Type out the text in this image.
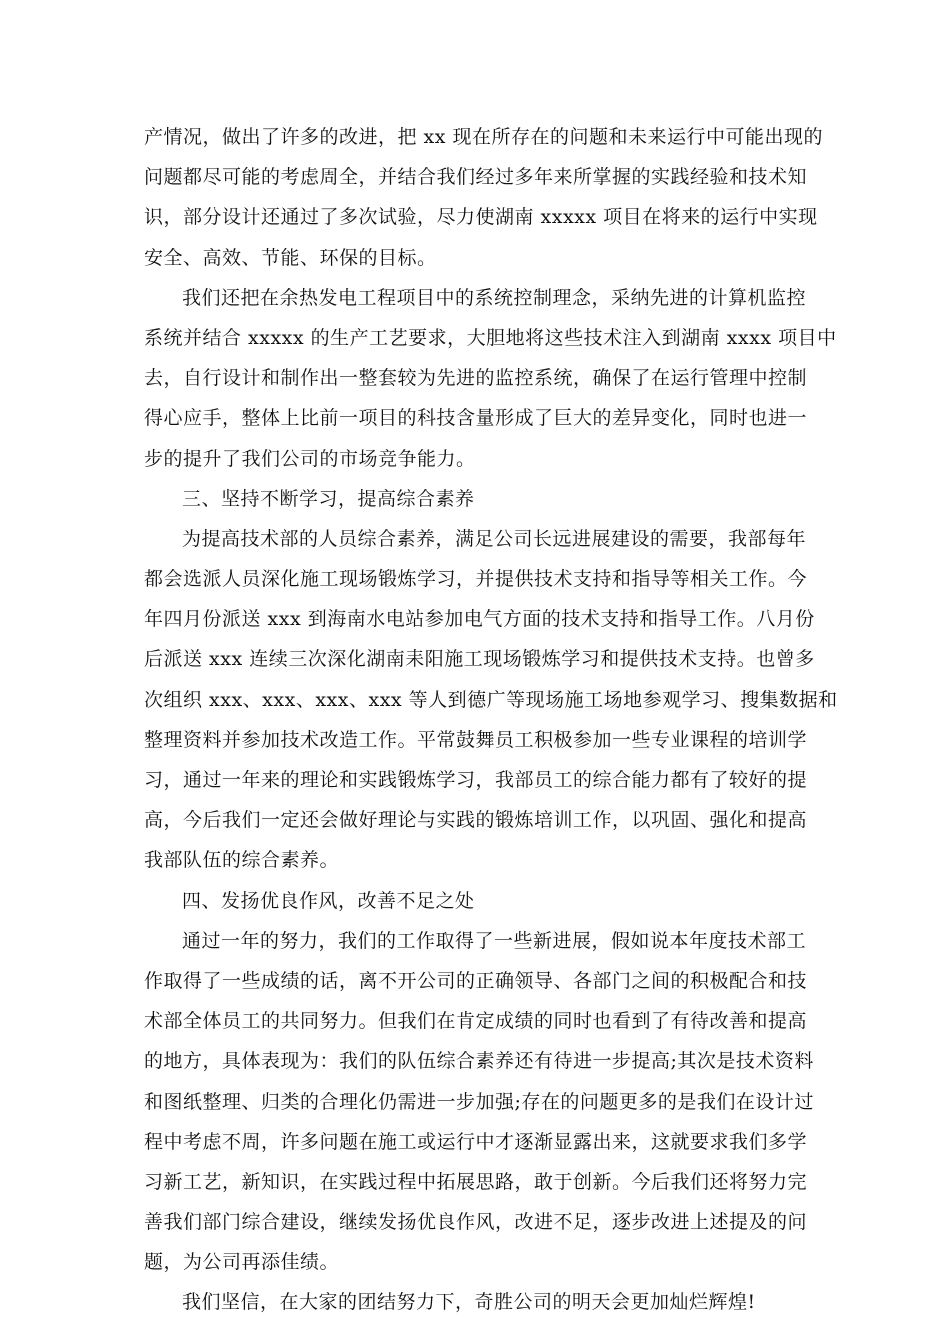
产情况，做出了许多的改进，把 xx 现在所存在的问题和未来运行中可能出现的
问题都尽可能的考虑周全，并结合我们经过多年来所掌握的实践经验和技术知
识，部分设计还通过了多次试验，尽力使湖南 xxxxx 项目在将来的运行中实现
安全、高效、节能、环保的目标。
我们还把在余热发电工程项目中的系统控制理念，采纳先进的计算机监控
系统并结合 xxxxx 的生产工艺要求，大胆地将这些技术注入到湖南 xxxx 项目中
去，自行设计和制作出一整套较为先进的监控系统，确保了在运行管理中控制
得心应手，整体上比前一项目的科技含量形成了巨大的差异变化，同时也进一
步的提升了我们公司的市场竞争能力。
三、坚持不断学习，提高综合素养
为提高技术部的人员综合素养，满足公司长远进展建设的需要，我部每年
都会选派人员深化施工现场锻炼学习，并提供技术支持和指导等相关工作。今
年四月份派送 xxx 到海南水电站参加电气方面的技术支持和指导工作。八月份
后派送 xxx 连续三次深化湖南耒阳施工现场锻炼学习和提供技术支持。也曾多
次组织 xxx、xxx、xxx、xxx 等人到德广等现场施工场地参观学习、搜集数据和
整理资料并参加技术改造工作。平常鼓舞员工积极参加一些专业课程的培训学
习，通过一年来的理论和实践锻炼学习，我部员工的综合能力都有了较好的提
高，今后我们一定还会做好理论与实践的锻炼培训工作，以巩固、强化和提高
我部队伍的综合素养。
四、发扬优良作风，改善不足之处
通过一年的努力，我们的工作取得了一些新进展，假如说本年度技术部工
作取得了一些成绩的话，离不开公司的正确领导、各部门之间的积极配合和技
术部全体员工的共同努力。但我们在肯定成绩的同时也看到了有待改善和提高
的地方，具体表现为：我们的队伍综合素养还有待进一步提高;其次是技术资料
和图纸整理、归类的合理化仍需进一步加强;存在的问题更多的是我们在设计过
程中考虑不周，许多问题在施工或运行中才逐渐显露出来，这就要求我们多学
习新工艺，新知识，在实践过程中拓展思路，敢于创新。今后我们还将努力完
善我们部门综合建设，继续发扬优良作风，改进不足，逐步改进上述提及的问
题，为公司再添佳绩。
我们坚信，在大家的团结努力下，奇胜公司的明天会更加灿烂辉煌!
